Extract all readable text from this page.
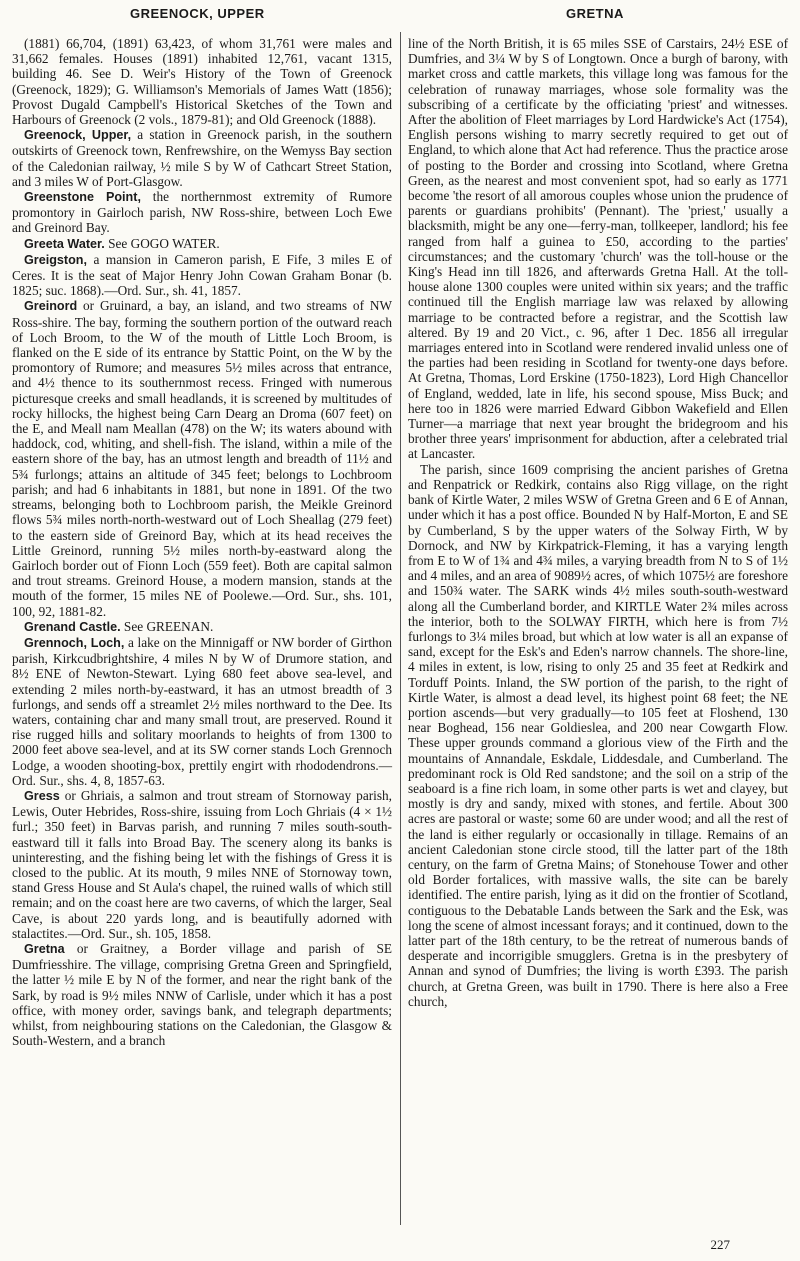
GREENOCK, UPPER	GRETNA

(1881) 66,704, (1891) 63,423, of whom 31,761 were males and 31,662 females. Houses (1891) inhabited 12,761, vacant 1315, building 46. See D. Weir's History of the Town of Greenock (Greenock, 1829); G. Williamson's Memorials of James Watt (1856); Provost Dugald Campbell's Historical Sketches of the Town and Harbours of Greenock (2 vols., 1879-81); and Old Greenock (1888).

Greenock, Upper, a station in Greenock parish, in the southern outskirts of Greenock town, Renfrewshire, on the Wemyss Bay section of the Caledonian railway, ½ mile S by W of Cathcart Street Station, and 3 miles W of Port-Glasgow.

Greenstone Point, the northernmost extremity of Rumore promontory in Gairloch parish, NW Ross-shire, between Loch Ewe and Greinord Bay.

Greeta Water. See GOGO WATER.

Greigston, a mansion in Cameron parish, E Fife, 3 miles E of Ceres. It is the seat of Major Henry John Cowan Graham Bonar (b. 1825; suc. 1868).—Ord. Sur., sh. 41, 1857.

Greinord or Gruinard, a bay, an island, and two streams of NW Ross-shire. The bay, forming the southern portion of the outward reach of Loch Broom, to the W of the mouth of Little Loch Broom, is flanked on the E side of its entrance by Stattic Point, on the W by the promontory of Rumore; and measures 5½ miles across that entrance, and 4½ thence to its southernmost recess. Fringed with numerous picturesque creeks and small headlands, it is screened by multitudes of rocky hillocks, the highest being Carn Dearg an Droma (607 feet) on the E, and Meall nam Meallan (478) on the W; its waters abound with haddock, cod, whiting, and shell-fish. The island, within a mile of the eastern shore of the bay, has an utmost length and breadth of 11½ and 5¾ furlongs; attains an altitude of 345 feet; belongs to Lochbroom parish; and had 6 inhabitants in 1881, but none in 1891. Of the two streams, belonging both to Lochbroom parish, the Meikle Greinord flows 5¾ miles north-north-westward out of Loch Sheallag (279 feet) to the eastern side of Greinord Bay, which at its head receives the Little Greinord, running 5½ miles north-by-eastward along the Gairloch border out of Fionn Loch (559 feet). Both are capital salmon and trout streams. Greinord House, a modern mansion, stands at the mouth of the former, 15 miles NE of Poolewe.—Ord. Sur., shs. 101, 100, 92, 1881-82.

Grenand Castle. See GREENAN.

Grennoch, Loch, a lake on the Minnigaff or NW border of Girthon parish, Kirkcudbrightshire, 4 miles N by W of Drumore station, and 8½ ENE of Newton-Stewart. Lying 680 feet above sea-level, and extending 2 miles north-by-eastward, it has an utmost breadth of 3 furlongs, and sends off a streamlet 2½ miles northward to the Dee. Its waters, containing char and many small trout, are preserved. Round it rise rugged hills and solitary moorlands to heights of from 1300 to 2000 feet above sea-level, and at its SW corner stands Loch Grennoch Lodge, a wooden shooting-box, prettily engirt with rhododendrons.—Ord. Sur., shs. 4, 8, 1857-63.

Gress or Ghriais, a salmon and trout stream of Stornoway parish, Lewis, Outer Hebrides, Ross-shire, issuing from Loch Ghriais (4 × 1½ furl.; 350 feet) in Barvas parish, and running 7 miles south-south-eastward till it falls into Broad Bay. The scenery along its banks is uninteresting, and the fishing being let with the fishings of Gress it is closed to the public. At its mouth, 9 miles NNE of Stornoway town, stand Gress House and St Aula's chapel, the ruined walls of which still remain; and on the coast here are two caverns, of which the larger, Seal Cave, is about 220 yards long, and is beautifully adorned with stalactites.—Ord. Sur., sh. 105, 1858.

Gretna or Graitney, a Border village and parish of SE Dumfriesshire. The village, comprising Gretna Green and Springfield, the latter ½ mile E by N of the former, and near the right bank of the Sark, by road is 9½ miles NNW of Carlisle, under which it has a post office, with money order, savings bank, and telegraph departments; whilst, from neighbouring stations on the Caledonian, the Glasgow & South-Western, and a branch

line of the North British, it is 65 miles SSE of Carstairs, 24½ ESE of Dumfries, and 3¼ W by S of Longtown. Once a burgh of barony, with market cross and cattle markets, this village long was famous for the celebration of runaway marriages, whose sole formality was the subscribing of a certificate by the officiating 'priest' and witnesses. After the abolition of Fleet marriages by Lord Hardwicke's Act (1754), English persons wishing to marry secretly required to get out of England, to which alone that Act had reference. Thus the practice arose of posting to the Border and crossing into Scotland, where Gretna Green, as the nearest and most convenient spot, had so early as 1771 become 'the resort of all amorous couples whose union the prudence of parents or guardians prohibits' (Pennant). The 'priest,' usually a blacksmith, might be any one—ferry-man, tollkeeper, landlord; his fee ranged from half a guinea to £50, according to the parties' circumstances; and the customary 'church' was the toll-house or the King's Head inn till 1826, and afterwards Gretna Hall. At the toll-house alone 1300 couples were united within six years; and the traffic continued till the English marriage law was relaxed by allowing marriage to be contracted before a registrar, and the Scottish law altered. By 19 and 20 Vict., c. 96, after 1 Dec. 1856 all irregular marriages entered into in Scotland were rendered invalid unless one of the parties had been residing in Scotland for twenty-one days before. At Gretna, Thomas, Lord Erskine (1750-1823), Lord High Chancellor of England, wedded, late in life, his second spouse, Miss Buck; and here too in 1826 were married Edward Gibbon Wakefield and Ellen Turner—a marriage that next year brought the bridegroom and his brother three years' imprisonment for abduction, after a celebrated trial at Lancaster.

The parish, since 1609 comprising the ancient parishes of Gretna and Renpatrick or Redkirk, contains also Rigg village, on the right bank of Kirtle Water, 2 miles WSW of Gretna Green and 6 E of Annan, under which it has a post office. Bounded N by Half-Morton, E and SE by Cumberland, S by the upper waters of the Solway Firth, W by Dornock, and NW by Kirkpatrick-Fleming, it has a varying length from E to W of 1¾ and 4¾ miles, a varying breadth from N to S of 1½ and 4 miles, and an area of 9089½ acres, of which 1075½ are foreshore and 150¾ water. The SARK winds 4½ miles south-south-westward along all the Cumberland border, and KIRTLE Water 2¾ miles across the interior, both to the SOLWAY FIRTH, which here is from 7½ furlongs to 3¼ miles broad, but which at low water is all an expanse of sand, except for the Esk's and Eden's narrow channels. The shore-line, 4 miles in extent, is low, rising to only 25 and 35 feet at Redkirk and Torduff Points. Inland, the SW portion of the parish, to the right of Kirtle Water, is almost a dead level, its highest point 68 feet; the NE portion ascends—but very gradually—to 105 feet at Floshend, 130 near Boghead, 156 near Goldieslea, and 200 near Cowgarth Flow. These upper grounds command a glorious view of the Firth and the mountains of Annandale, Eskdale, Liddesdale, and Cumberland. The predominant rock is Old Red sandstone; and the soil on a strip of the seaboard is a fine rich loam, in some other parts is wet and clayey, but mostly is dry and sandy, mixed with stones, and fertile. About 300 acres are pastoral or waste; some 60 are under wood; and all the rest of the land is either regularly or occasionally in tillage. Remains of an ancient Caledonian stone circle stood, till the latter part of the 18th century, on the farm of Gretna Mains; of Stonehouse Tower and other old Border fortalices, with massive walls, the site can be barely identified. The entire parish, lying as it did on the frontier of Scotland, contiguous to the Debatable Lands between the Sark and the Esk, was long the scene of almost incessant forays; and it continued, down to the latter part of the 18th century, to be the retreat of numerous bands of desperate and incorrigible smugglers. Gretna is in the presbytery of Annan and synod of Dumfries; the living is worth £393. The parish church, at Gretna Green, was built in 1790. There is here also a Free church,

227
